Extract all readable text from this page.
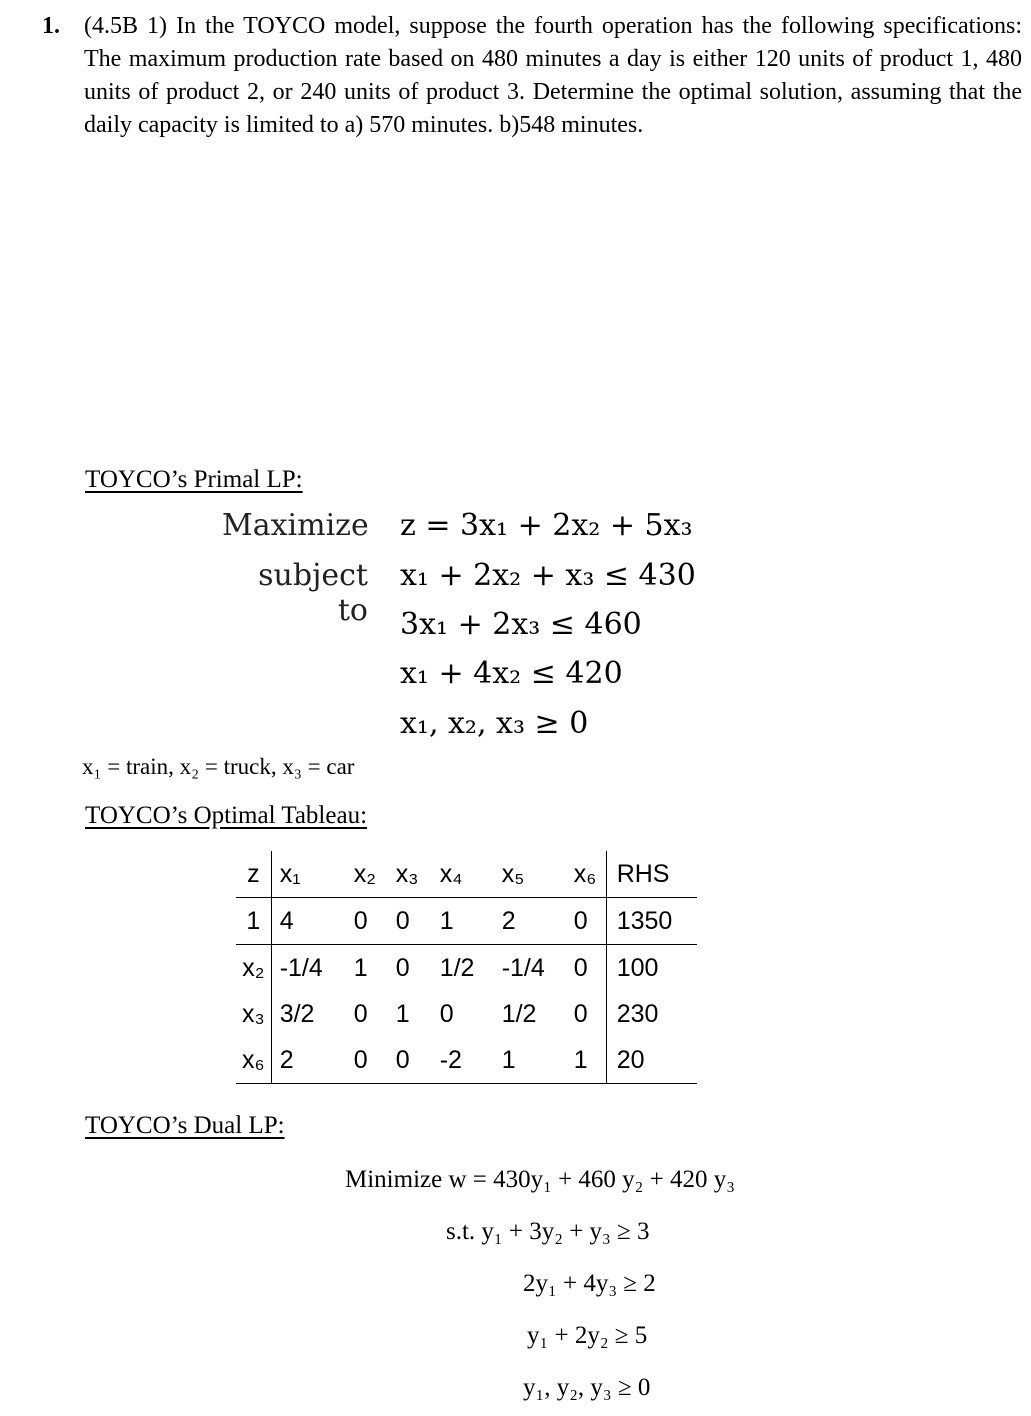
1. (4.5B 1) In the TOYCO model, suppose the fourth operation has the following specifications: The maximum production rate based on 480 minutes a day is either 120 units of product 1, 480 units of product 2, or 240 units of product 3. Determine the optimal solution, assuming that the daily capacity is limited to a) 570 minutes. b)548 minutes.
TOYCO’s Primal LP:
Maximize z = 3x₁ + 2x₂ + 5x₃
subject to
x₁ + 2x₂ + x₃ ≤ 430
3x₁ + 2x₃ ≤ 460
x₁ + 4x₂ ≤ 420
x₁, x₂, x₃ ≥ 0
x₁ = train, x₂ = truck, x₃ = car
TOYCO’s Optimal Tableau:
z	x₁	x₂	x₃	x₄	x₅	x₆	RHS
1	4	0	0	1	2	0	1350
x₂	-1/4	1	0	1/2	-1/4	0	100
x₃	3/2	0	1	0	1/2	0	230
x₆	2	0	0	-2	1	1	20
TOYCO’s Dual LP:
Minimize w = 430y₁ + 460 y₂ + 420 y₃
s.t. y₁ + 3y₂ + y₃ ≥ 3
2y₁ + 4y₃ ≥ 2
y₁ + 2y₂ ≥ 5
y₁, y₂, y₃ ≥ 0
